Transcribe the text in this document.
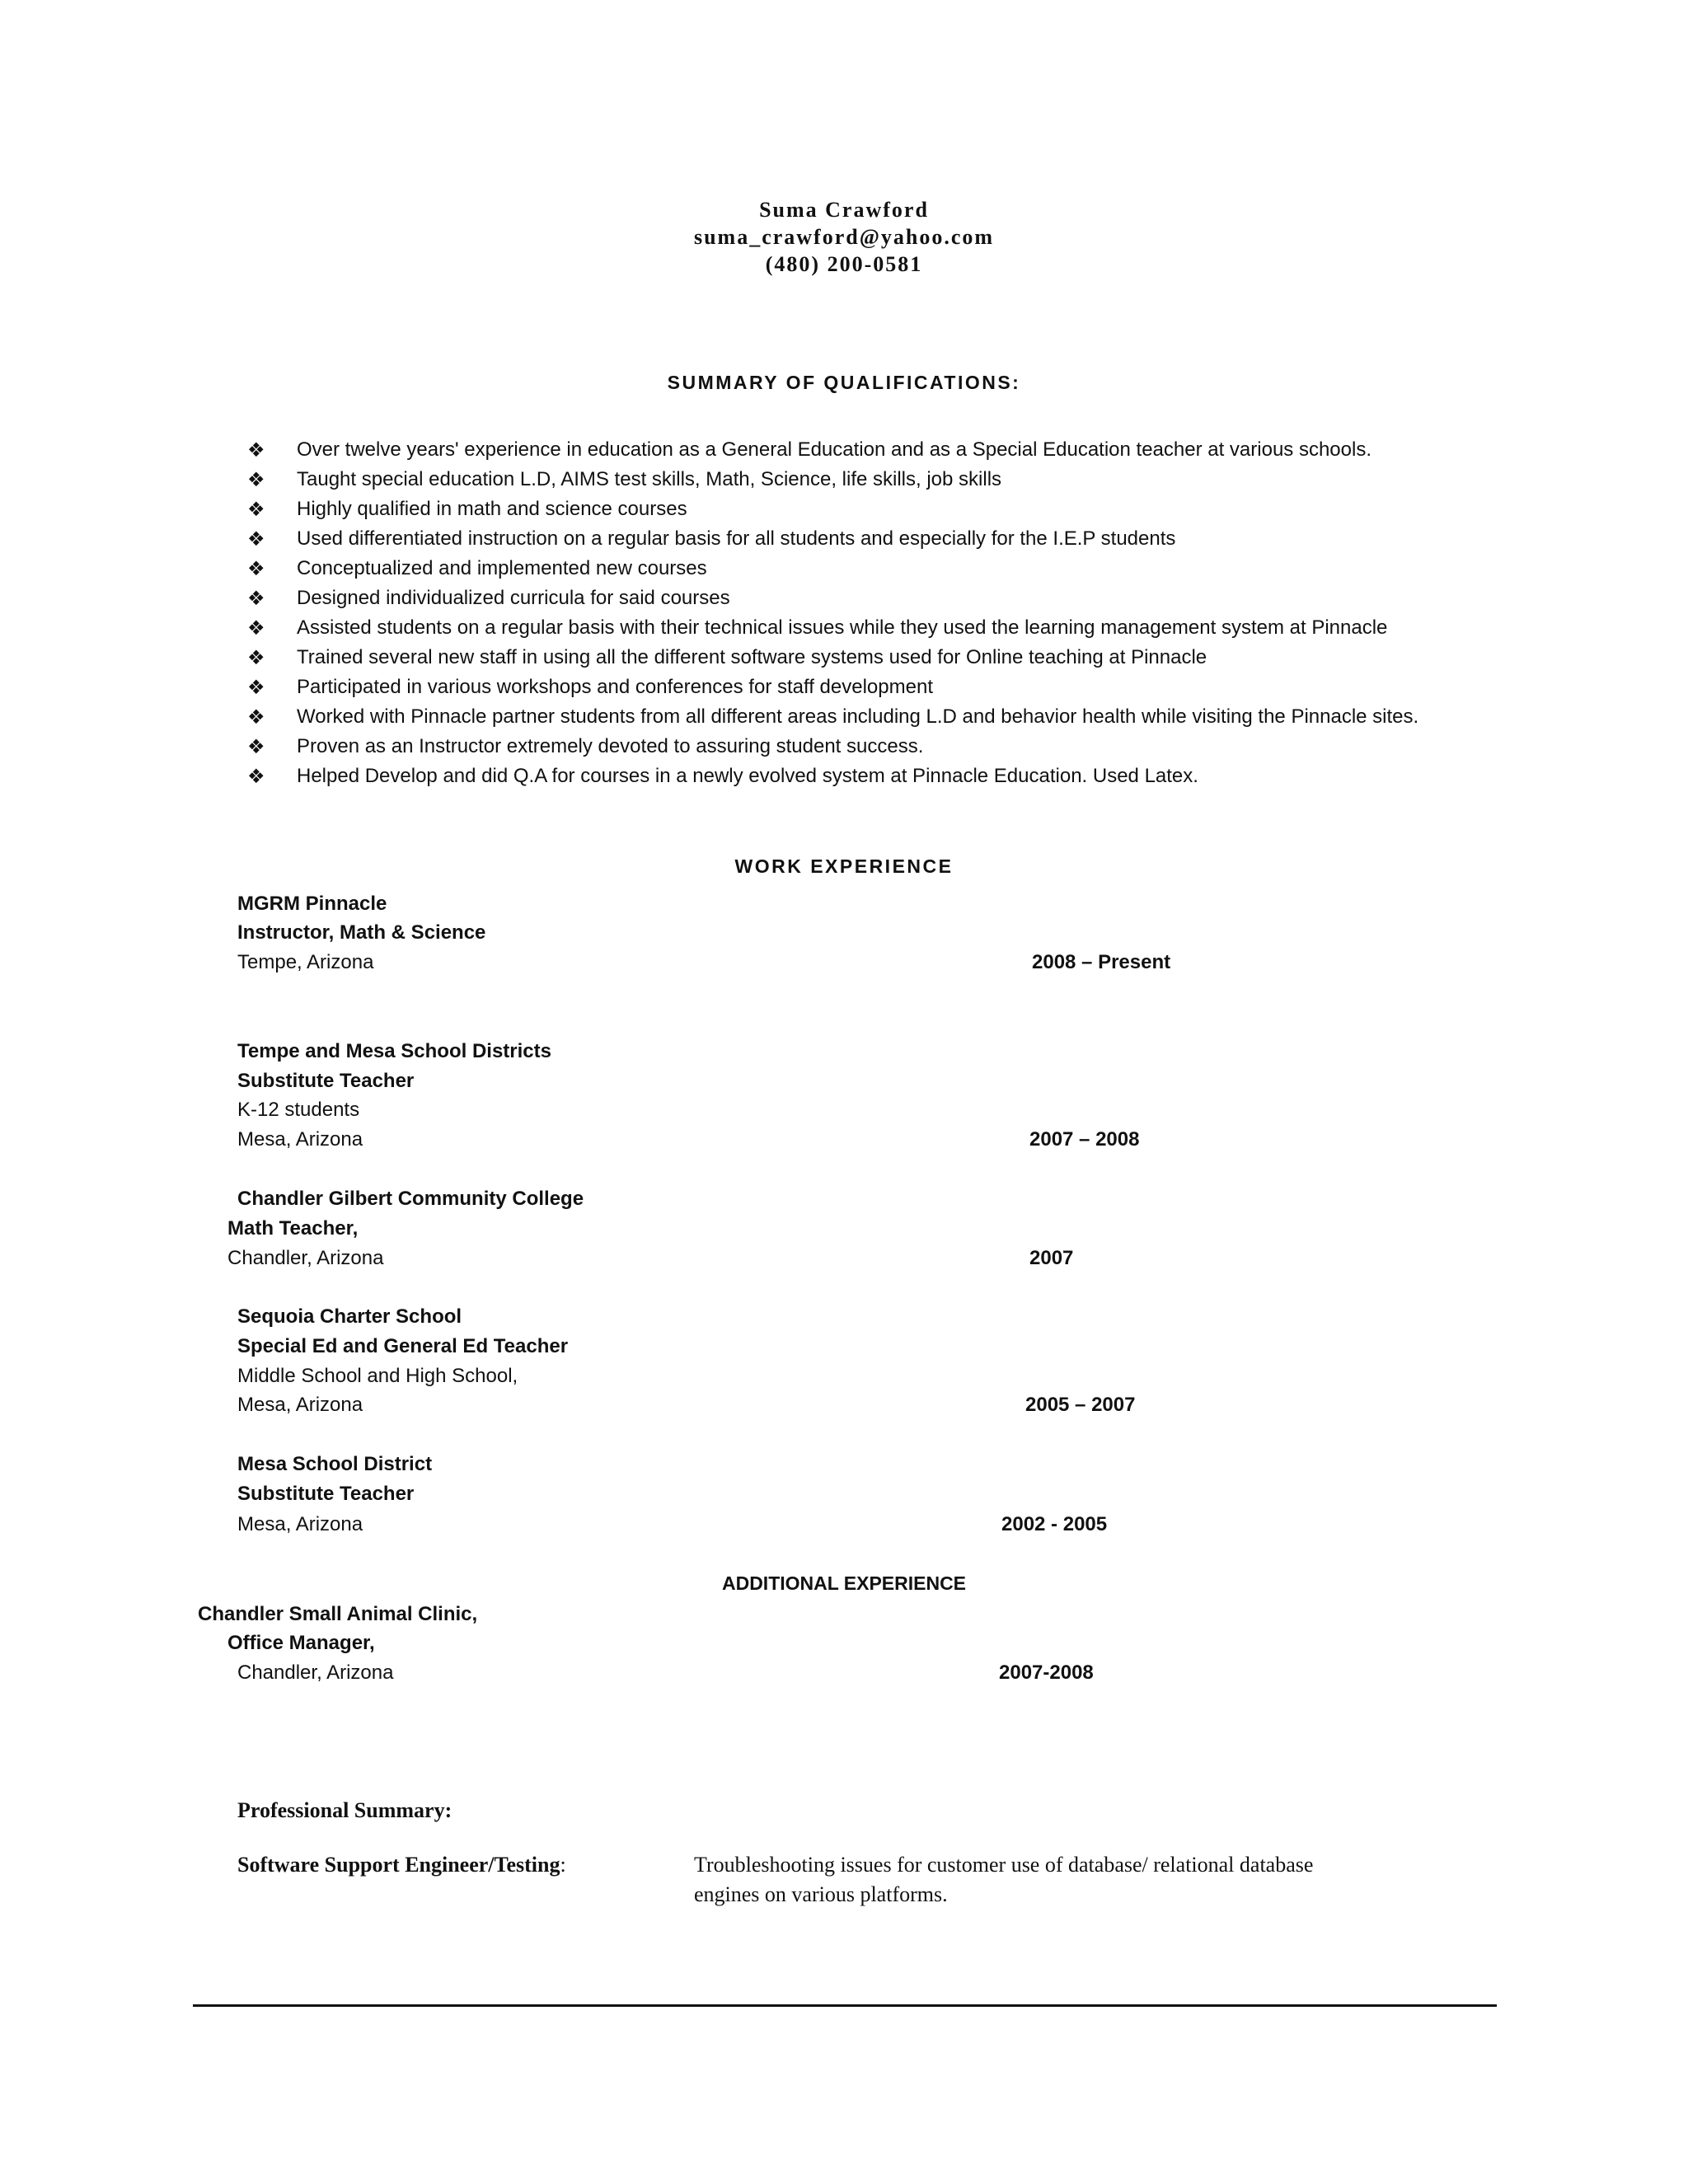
Suma Crawford
suma_crawford@yahoo.com
(480) 200-0581
SUMMARY OF QUALIFICATIONS:
❖ Over twelve years' experience in education as a General Education and as a Special Education teacher at various schools.
❖ Taught special education L.D, AIMS test skills, Math, Science, life skills, job skills
❖ Highly qualified in math and science courses
❖ Used differentiated instruction on a regular basis for all students and especially for the I.E.P students
❖ Conceptualized and implemented new courses
❖ Designed individualized curricula for said courses
❖ Assisted students on a regular basis with their technical issues while they used the learning management system at Pinnacle
❖ Trained several new staff in using all the different software systems used for Online teaching at Pinnacle
❖ Participated in various workshops and conferences for staff development
❖ Worked with Pinnacle partner students from all different areas including L.D and behavior health while visiting the Pinnacle sites.
❖ Proven as an Instructor extremely devoted to assuring student success.
❖ Helped Develop and did Q.A for courses in a newly evolved system at Pinnacle Education. Used Latex.
WORK EXPERIENCE
MGRM Pinnacle
Instructor, Math & Science
Tempe, Arizona	2008 – Present
Tempe and Mesa School Districts
Substitute Teacher
K-12 students
Mesa, Arizona	2007 – 2008
Chandler Gilbert Community College
Math Teacher,
Chandler, Arizona	2007
Sequoia Charter School
Special Ed and General Ed Teacher
Middle School and High School,
Mesa, Arizona	2005 – 2007
Mesa School District
Substitute Teacher
Mesa, Arizona	2002 - 2005
ADDITIONAL EXPERIENCE
Chandler Small Animal Clinic,
Office Manager,
Chandler, Arizona	2007-2008
Professional Summary:
Software Support Engineer/Testing:	Troubleshooting issues for customer use of database/ relational database
engines on various platforms.
